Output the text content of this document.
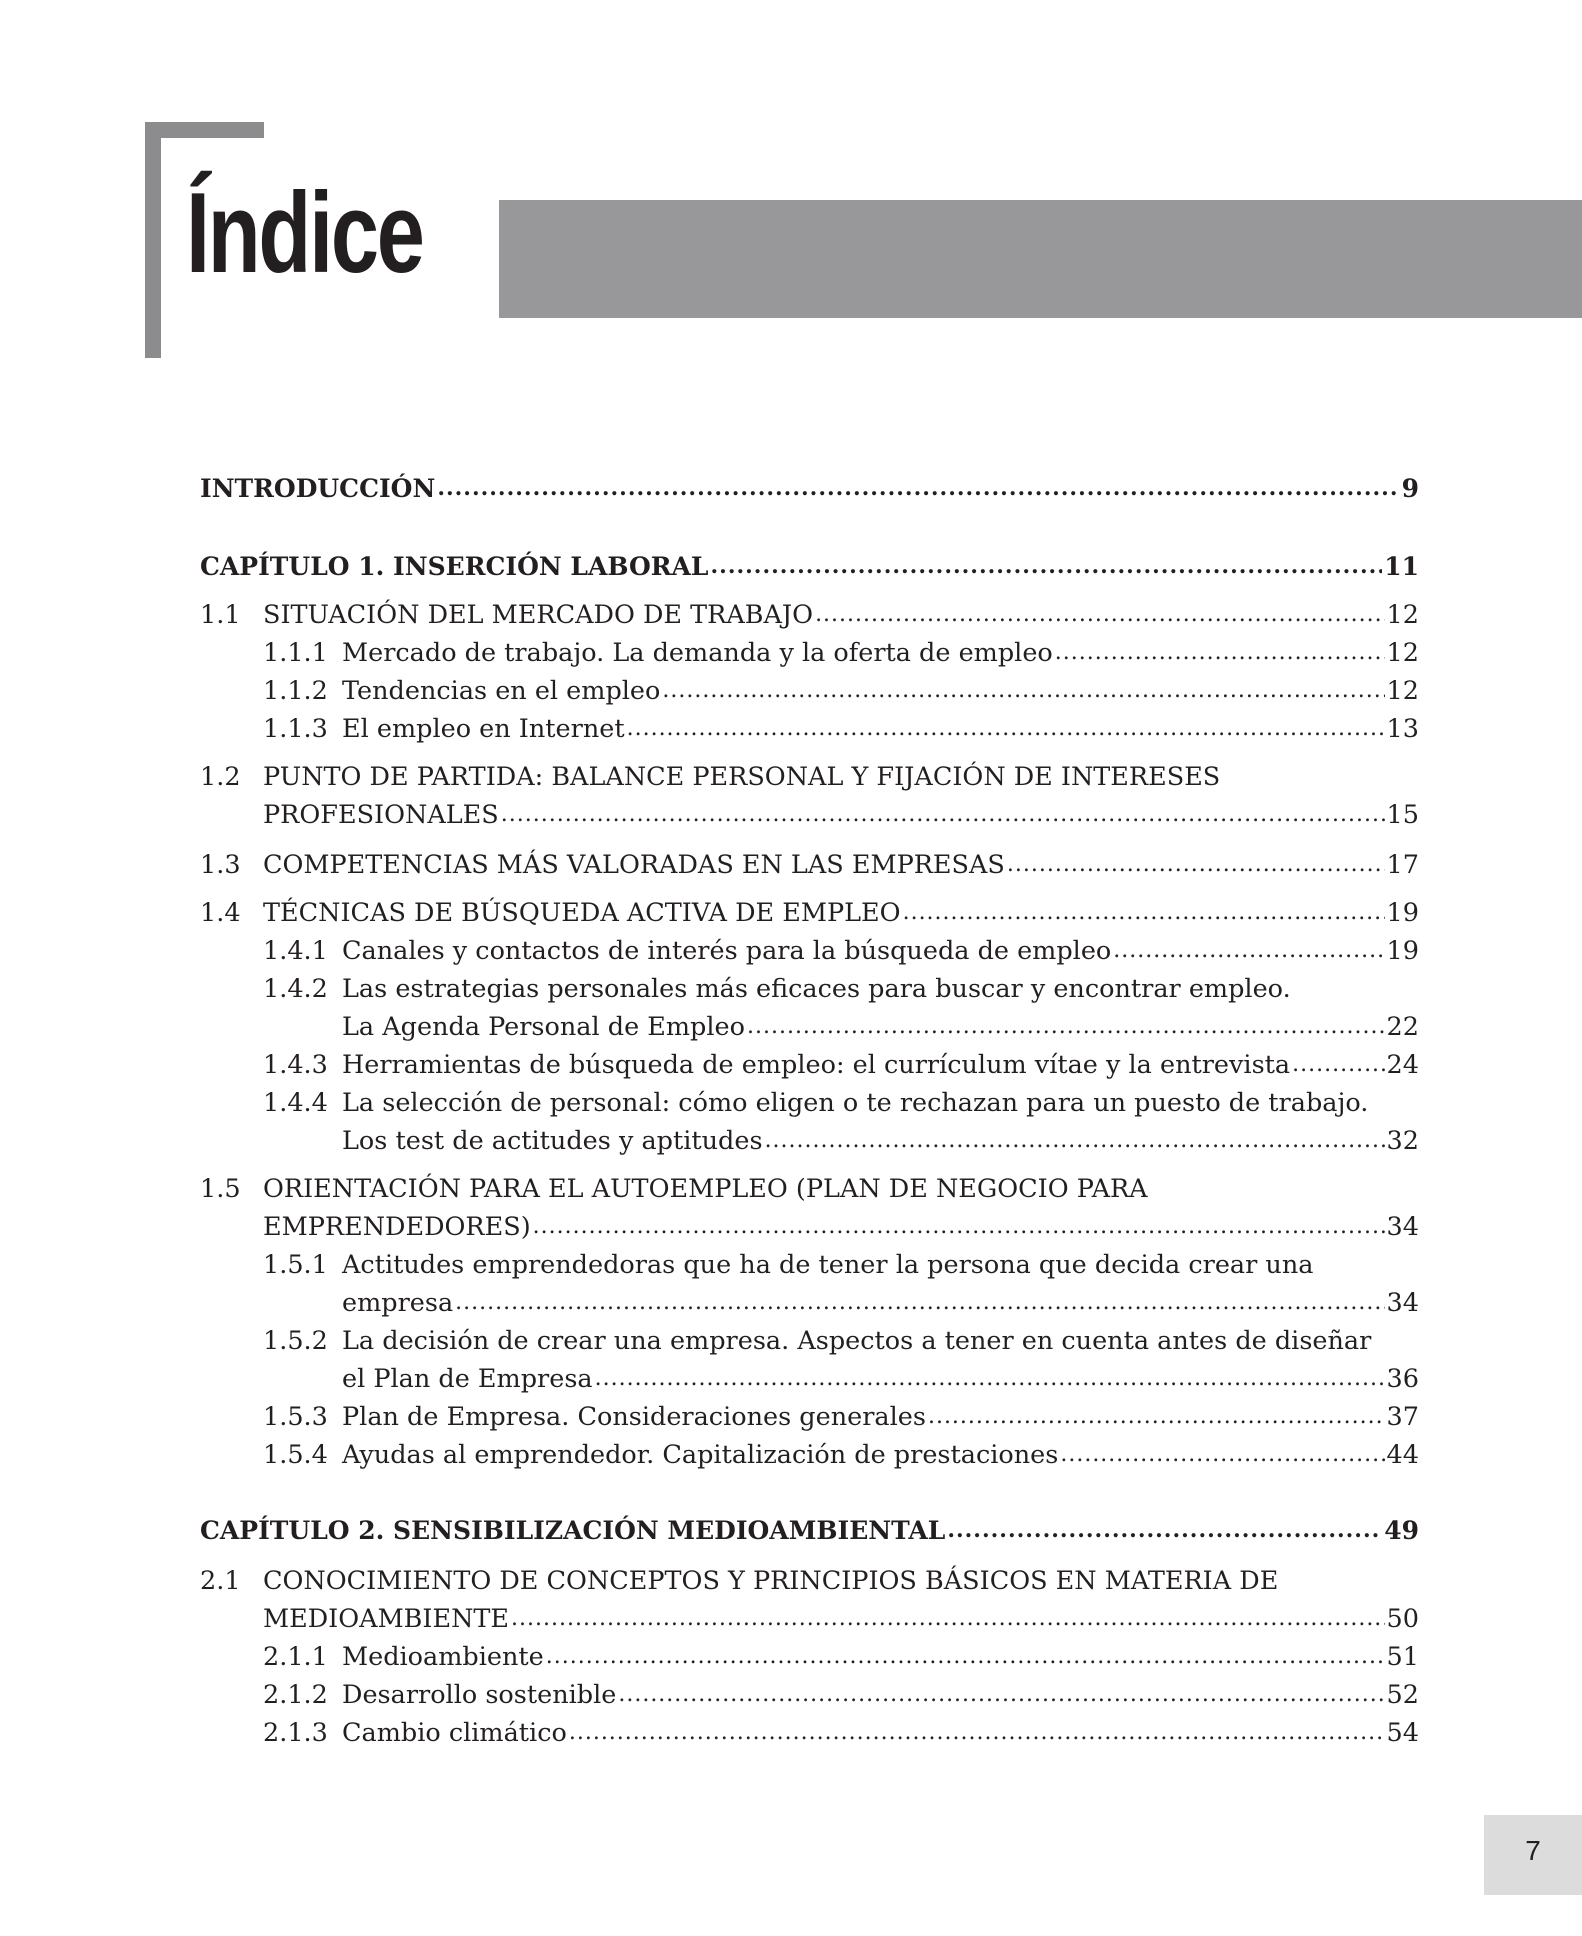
Índice
INTRODUCCIÓN .....	9
CAPÍTULO 1. INSERCIÓN LABORAL .....	11
1.1 SITUACIÓN DEL MERCADO DE TRABAJO .....	12
1.1.1 Mercado de trabajo. La demanda y la oferta de empleo .....	12
1.1.2 Tendencias en el empleo .....	12
1.1.3 El empleo en Internet .....	13
1.2 PUNTO DE PARTIDA: BALANCE PERSONAL Y FIJACIÓN DE INTERESES
PROFESIONALES .....	15
1.3 COMPETENCIAS MÁS VALORADAS EN LAS EMPRESAS .....	17
1.4 TÉCNICAS DE BÚSQUEDA ACTIVA DE EMPLEO .....	19
1.4.1 Canales y contactos de interés para la búsqueda de empleo .....	19
1.4.2 Las estrategias personales más eficaces para buscar y encontrar empleo.
La Agenda Personal de Empleo .....	22
1.4.3 Herramientas de búsqueda de empleo: el currículum vítae y la entrevista .....	24
1.4.4 La selección de personal: cómo eligen o te rechazan para un puesto de trabajo.
Los test de actitudes y aptitudes .....	32
1.5 ORIENTACIÓN PARA EL AUTOEMPLEO (PLAN DE NEGOCIO PARA
EMPRENDEDORES) .....	34
1.5.1 Actitudes emprendedoras que ha de tener la persona que decida crear una
empresa .....	34
1.5.2 La decisión de crear una empresa. Aspectos a tener en cuenta antes de diseñar
el Plan de Empresa .....	36
1.5.3 Plan de Empresa. Consideraciones generales .....	37
1.5.4 Ayudas al emprendedor. Capitalización de prestaciones .....	44
CAPÍTULO 2. SENSIBILIZACIÓN MEDIOAMBIENTAL .....	49
2.1 CONOCIMIENTO DE CONCEPTOS Y PRINCIPIOS BÁSICOS EN MATERIA DE
MEDIOAMBIENTE .....	50
2.1.1 Medioambiente .....	51
2.1.2 Desarrollo sostenible .....	52
2.1.3 Cambio climático .....	54
7
